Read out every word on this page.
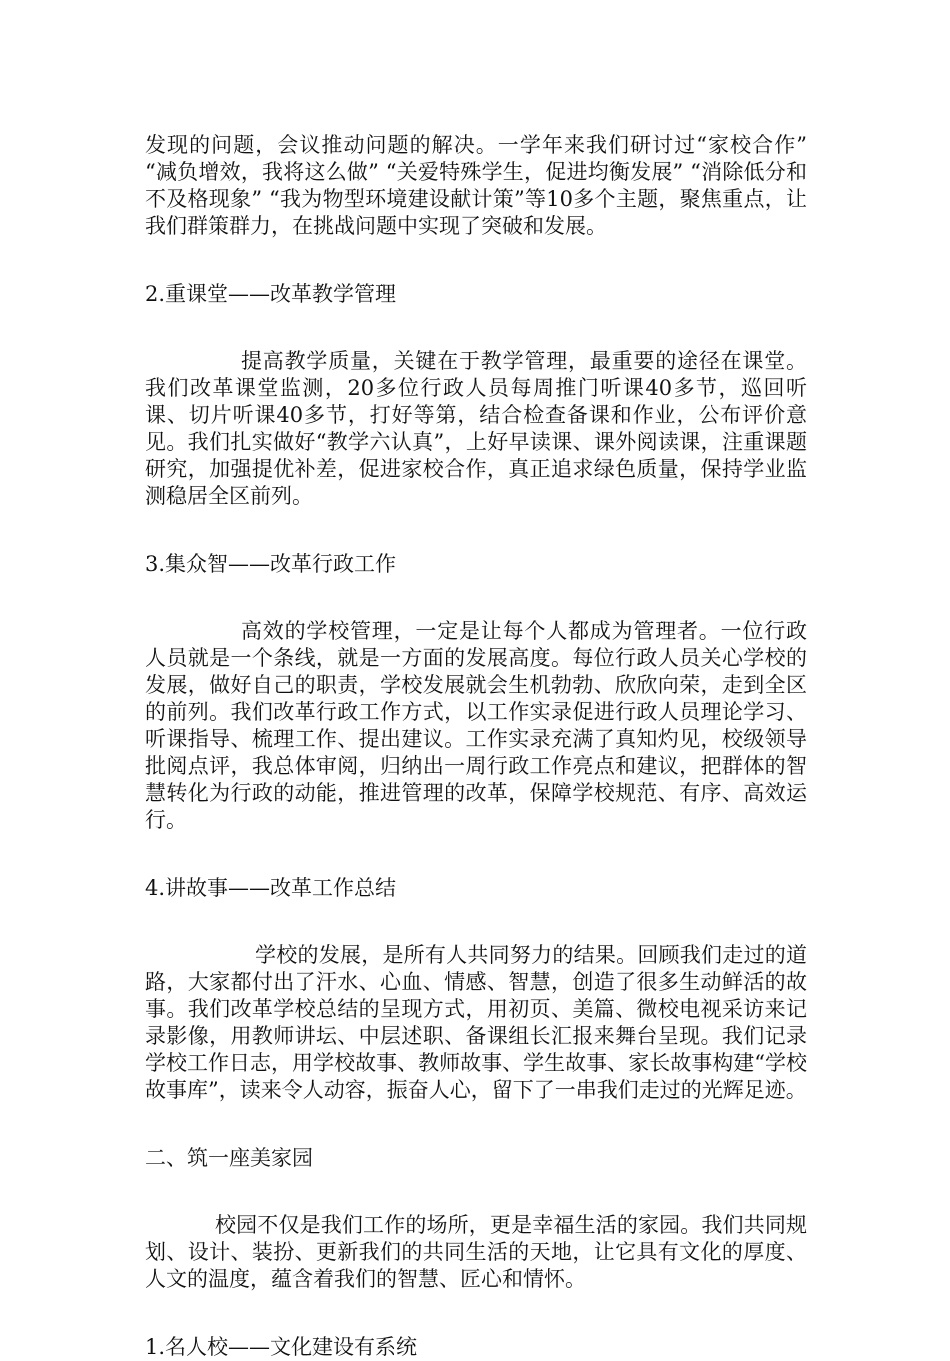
发现的问题，会议推动问题的解决。一学年来我们研讨过“家校合作” “减负增效，我将这么做” “关爱特殊学生，促进均衡发展” “消除低分和不及格现象” “我为物型环境建设献计策”等10多个主题，聚焦重点，让我们群策群力，在挑战问题中实现了突破和发展。

2.重课堂——改革教学管理

提高教学质量，关键在于教学管理，最重要的途径在课堂。我们改革课堂监测，20多位行政人员每周推门听课40多节，巡回听课、切片听课40多节，打好等第，结合检查备课和作业，公布评价意见。我们扎实做好“教学六认真”，上好早读课、课外阅读课，注重课题研究，加强提优补差，促进家校合作，真正追求绿色质量，保持学业监测稳居全区前列。

3.集众智——改革行政工作

高效的学校管理，一定是让每个人都成为管理者。一位行政人员就是一个条线，就是一方面的发展高度。每位行政人员关心学校的发展，做好自己的职责，学校发展就会生机勃勃、欣欣向荣，走到全区的前列。我们改革行政工作方式，以工作实录促进行政人员理论学习、听课指导、梳理工作、提出建议。工作实录充满了真知灼见，校级领导批阅点评，我总体审阅，归纳出一周行政工作亮点和建议，把群体的智慧转化为行政的动能，推进管理的改革，保障学校规范、有序、高效运行。

4.讲故事——改革工作总结

学校的发展，是所有人共同努力的结果。回顾我们走过的道路，大家都付出了汗水、心血、情感、智慧，创造了很多生动鲜活的故事。我们改革学校总结的呈现方式，用初页、美篇、微校电视采访来记录影像，用教师讲坛、中层述职、备课组长汇报来舞台呈现。我们记录学校工作日志，用学校故事、教师故事、学生故事、家长故事构建“学校故事库”，读来令人动容，振奋人心，留下了一串我们走过的光辉足迹。

二、筑一座美家园

校园不仅是我们工作的场所，更是幸福生活的家园。我们共同规划、设计、装扮、更新我们的共同生活的天地，让它具有文化的厚度、人文的温度，蕴含着我们的智慧、匠心和情怀。

1.名人校——文化建设有系统
